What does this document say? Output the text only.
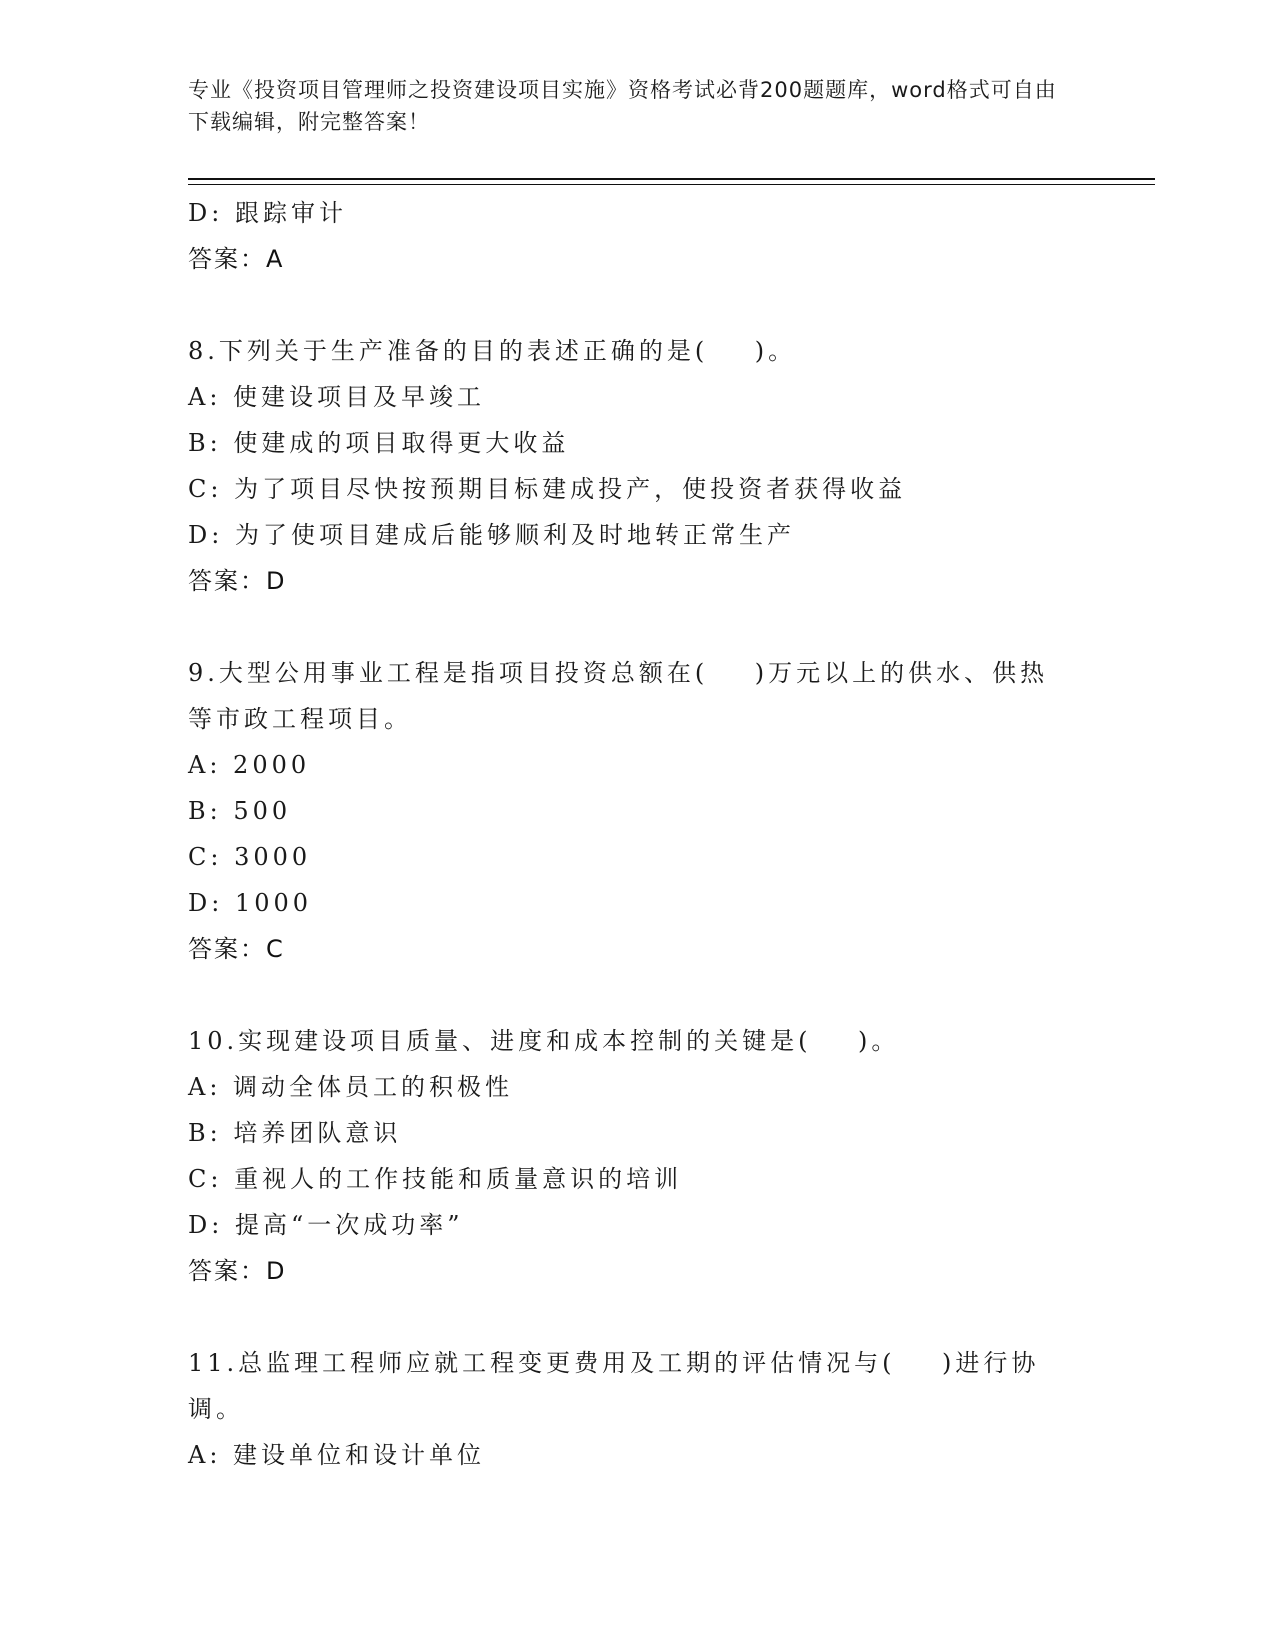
专业《投资项目管理师之投资建设项目实施》资格考试必背200题题库，word格式可自由下载编辑，附完整答案！
D: 跟踪审计
答案：A
8.下列关于生产准备的目的表述正确的是(    )。
A: 使建设项目及早竣工
B: 使建成的项目取得更大收益
C: 为了项目尽快按预期目标建成投产，使投资者获得收益
D: 为了使项目建成后能够顺利及时地转正常生产
答案：D
9.大型公用事业工程是指项目投资总额在(    )万元以上的供水、供热等市政工程项目。
A: 2000
B: 500
C: 3000
D: 1000
答案：C
10.实现建设项目质量、进度和成本控制的关键是(    )。
A: 调动全体员工的积极性
B: 培养团队意识
C: 重视人的工作技能和质量意识的培训
D: 提高“一次成功率”
答案：D
11.总监理工程师应就工程变更费用及工期的评估情况与(    )进行协调。
A: 建设单位和设计单位
